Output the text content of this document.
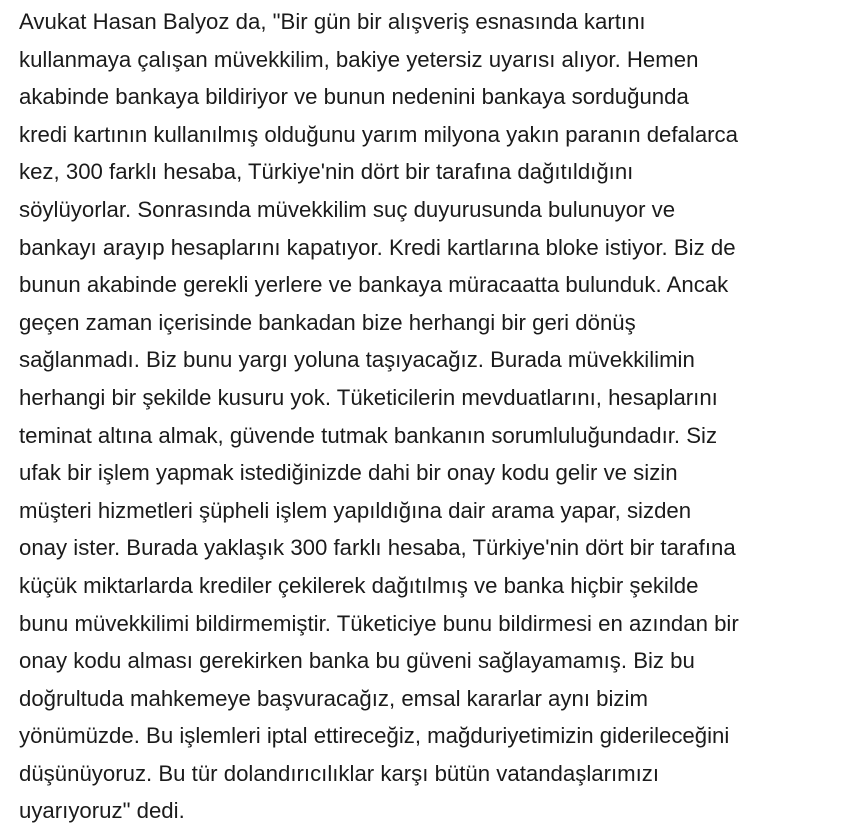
Avukat Hasan Balyoz da, "Bir gün bir alışveriş esnasında kartını
kullanmaya çalışan müvekkilim, bakiye yetersiz uyarısı alıyor. Hemen
akabinde bankaya bildiriyor ve bunun nedenini bankaya sorduğunda
kredi kartının kullanılmış olduğunu yarım milyona yakın paranın defalarca
kez, 300 farklı hesaba, Türkiye'nin dört bir tarafına dağıtıldığını
söylüyorlar. Sonrasında müvekkilim suç duyurusunda bulunuyor ve
bankayı arayıp hesaplarını kapatıyor. Kredi kartlarına bloke istiyor. Biz de
bunun akabinde gerekli yerlere ve bankaya müracaatta bulunduk. Ancak
geçen zaman içerisinde bankadan bize herhangi bir geri dönüş
sağlanmadı. Biz bunu yargı yoluna taşıyacağız. Burada müvekkilimin
herhangi bir şekilde kusuru yok. Tüketicilerin mevduatlarını, hesaplarını
teminat altına almak, güvende tutmak bankanın sorumluluğundadır. Siz
ufak bir işlem yapmak istediğinizde dahi bir onay kodu gelir ve sizin
müşteri hizmetleri şüpheli işlem yapıldığına dair arama yapar, sizden
onay ister. Burada yaklaşık 300 farklı hesaba, Türkiye'nin dört bir tarafına
küçük miktarlarda krediler çekilerek dağıtılmış ve banka hiçbir şekilde
bunu müvekkilimi bildirmemiştir. Tüketiciye bunu bildirmesi en azından bir
onay kodu alması gerekirken banka bu güveni sağlayamamış. Biz bu
doğrultuda mahkemeye başvuracağız, emsal kararlar aynı bizim
yönümüzde. Bu işlemleri iptal ettireceğiz, mağduriyetimizin giderileceğini
düşünüyoruz. Bu tür dolandırıcılıklar karşı bütün vatandaşlarımızı
uyarıyoruz" dedi.
